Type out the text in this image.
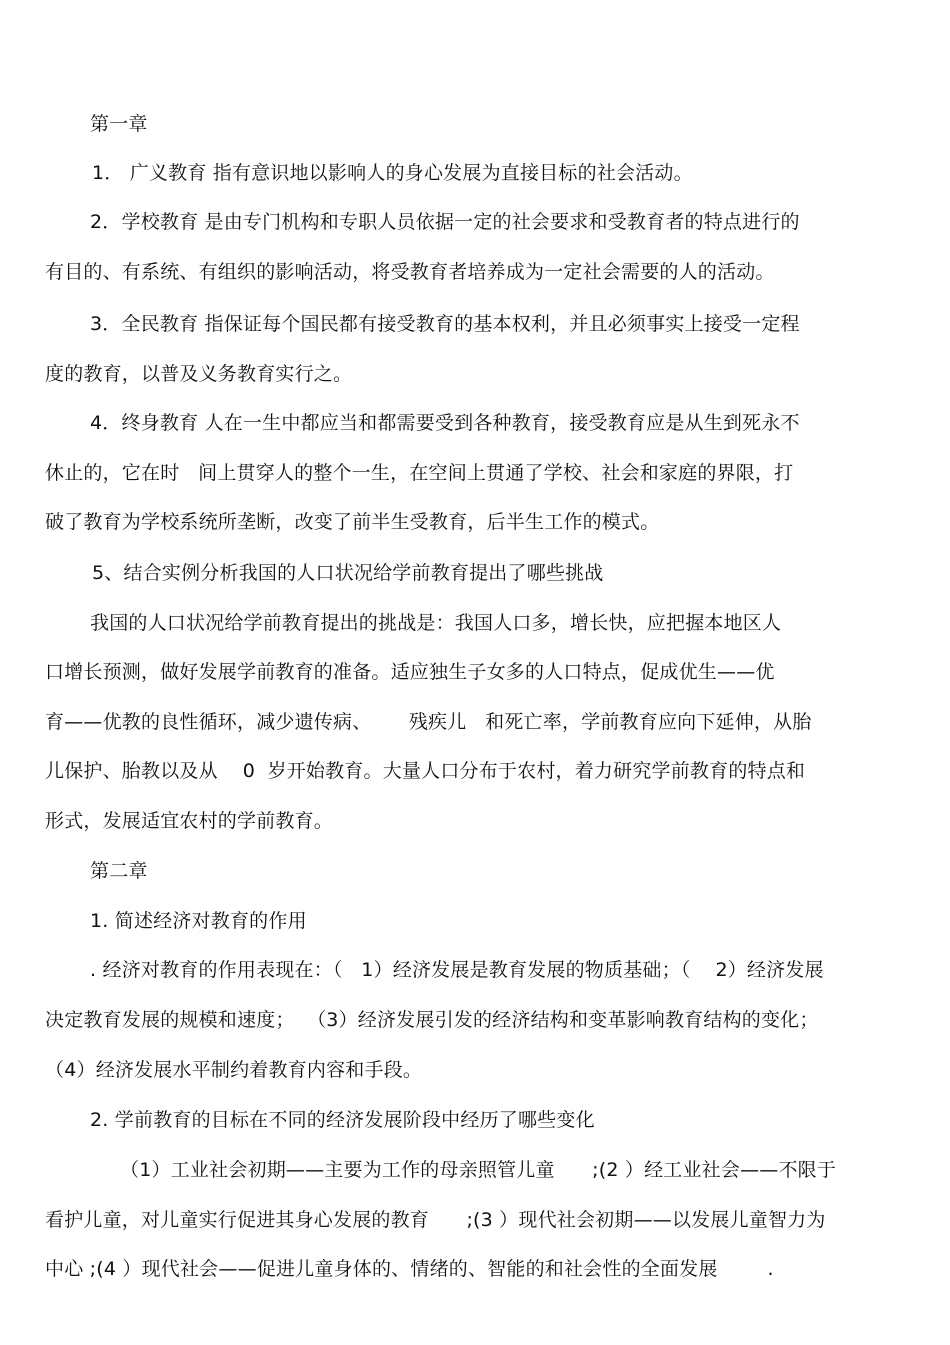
第一章
1． 广义教育 指有意识地以影响人的身心发展为直接目标的社会活动。
2．学校教育 是由专门机构和专职人员依据一定的社会要求和受教育者的特点进行的
有目的、有系统、有组织的影响活动，将受教育者培养成为一定社会需要的人的活动。
3．全民教育 指保证每个国民都有接受教育的基本权利，并且必须事实上接受一定程
度的教育，以普及义务教育实行之。
4．终身教育 人在一生中都应当和都需要受到各种教育，接受教育应是从生到死永不
休止的，它在时   间上贯穿人的整个一生，在空间上贯通了学校、社会和家庭的界限，打
破了教育为学校系统所垄断，改变了前半生受教育，后半生工作的模式。
5、结合实例分析我国的人口状况给学前教育提出了哪些挑战
我国的人口状况给学前教育提出的挑战是：我国人口多，增长快，应把握本地区人
口增长预测，做好发展学前教育的准备。适应独生子女多的人口特点，促成优生——优
育——优教的良性循环，减少遗传病、      残疾儿   和死亡率，学前教育应向下延伸，从胎
儿保护、胎教以及从    0  岁开始教育。大量人口分布于农村，着力研究学前教育的特点和
形式，发展适宜农村的学前教育。
第二章
1. 简述经济对教育的作用
. 经济对教育的作用表现在：（   1）经济发展是教育发展的物质基础；（    2）经济发展
决定教育发展的规模和速度；  （3）经济发展引发的经济结构和变革影响教育结构的变化；
（4）经济发展水平制约着教育内容和手段。
2. 学前教育的目标在不同的经济发展阶段中经历了哪些变化
（1）工业社会初期——主要为工作的母亲照管儿童      ;(2 ）经工业社会——不限于
看护儿童，对儿童实行促进其身心发展的教育      ;(3 ）现代社会初期——以发展儿童智力为
中心 ;(4 ）现代社会——促进儿童身体的、情绪的、智能的和社会性的全面发展        .
